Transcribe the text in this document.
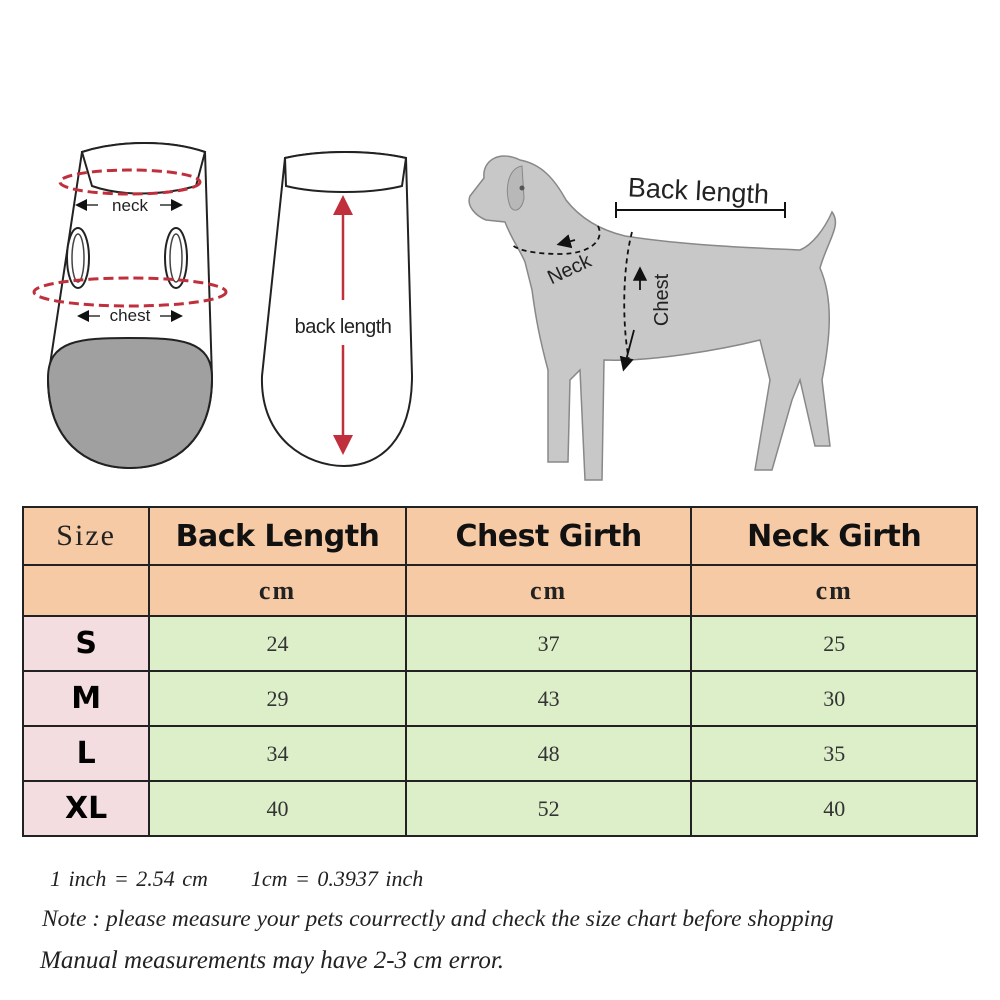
neck
chest
back length
Back length
Neck
Chest
Size	Back Length	Chest Girth	Neck Girth
	cm	cm	cm
S	24	37	25
M	29	43	30
L	34	48	35
XL	40	52	40
1 inch = 2.54 cm 1cm = 0.3937 inch
Note : please measure your pets courrectly and check the size chart before shopping
Manual measurements may have 2-3 cm error.
